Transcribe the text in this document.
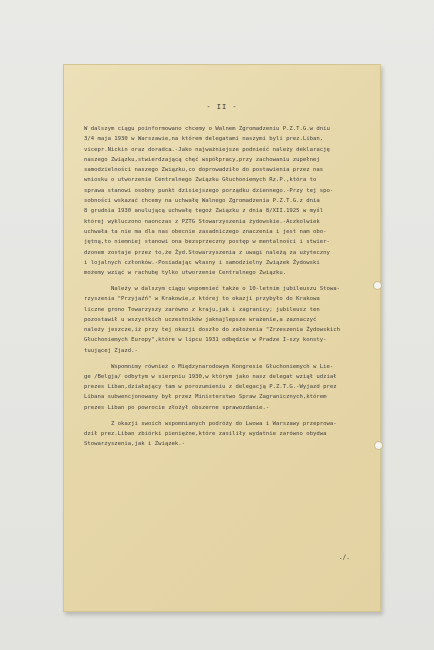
- II -
W dalszym ciągu poinformowano chcemy o Walnem Zgromadzeniu P.Z.T.G.w dniu
3/4 maja 1930 w Warszawie,na którem delegatami naszymi byli prez.Liban,
vicepr.Nickin oraz doradca.-Jako najważniejsze podnieść należy deklarację
naszego Związku,stwierdzającą chęć współpracy,przy zachowaniu zupełnej
samodzielności naszego Związku,co doprowadziło do postawienia przez nas
wniosku o utworzenie Centralnego Związku Głuchoniemych Rz.P.,która to
sprawa stanowi osobny punkt dzisiejszego porządku dziennego.-Przy tej spo-
sobności wskazać chcemy na uchwałę Walnego Zgromadzenia P.Z.T.G.z dnia
8 grudnia 1930 anulującą uchwałę tegoż Związku z dnia 8/XII.1925 w myśl
której wykluczono naonczas z PZTG Stowarzyszenia żydowskie.-Aczkolwiek
uchwała ta nie ma dla nas obecnie zasadniczego znaczenia i jest nam obo-
jętną,to niemniej stanowi ona bezsprzeczny postęp w mentalności i stwier-
dzonem zostaje przez to,że Żyd.Stowarzyszenia z uwagi należą za użyteczny
i lojalnych członków.-Posiadając własny i samodzielny Związek Żydowski
możemy wziąć w rachubę tylko utworzenie Centralnego Związku.
Należy w dalszym ciągu wspomnieć także o 10-letnim jubileuszu Stowa-
rzyszenia "Przyjaźń" w Krakowie,z której to okazji przybyło do Krakowa
liczne grono Towarzyszy zarówno z kraju,jak i zagranicy; jubileusz ten
pozostawił u wszystkich uczestników jaknajlepsze wrażenie,a zaznaczyć
należy jeszcze,iż przy tej okazji doszło do założenia "Zrzeszenia Żydowskich
Głuchoniemych Europy",które w lipcu 1931 odbędzie w Pradze I-szy konsty-
tuującej Zjazd.-
Wspomnimy również o Międzynarodowym Kongresie Głuchoniemych w Lie-
ge /Belgja/ odbytym w sierpniu 1930,w którym jako nasz delegat wziął udział
prezes Liban,działający tam w porozumieniu z delegacją P.Z.T.G.-Wyjazd prez
Libana subwencjonowany był przez Ministerstwo Spraw Zagranicznych,którem
prezes Liban po powrocie złożył obszerne sprawozdanie.-
Z okazji swoich wspomnianych podróży do Lwowa i Warszawy przeprowa-
dził prez.Liban zbiórki pieniężne,które zasiliły wydatnie zarówno obydwa
Stowarzyszenia,jak i Związek.-
./.
